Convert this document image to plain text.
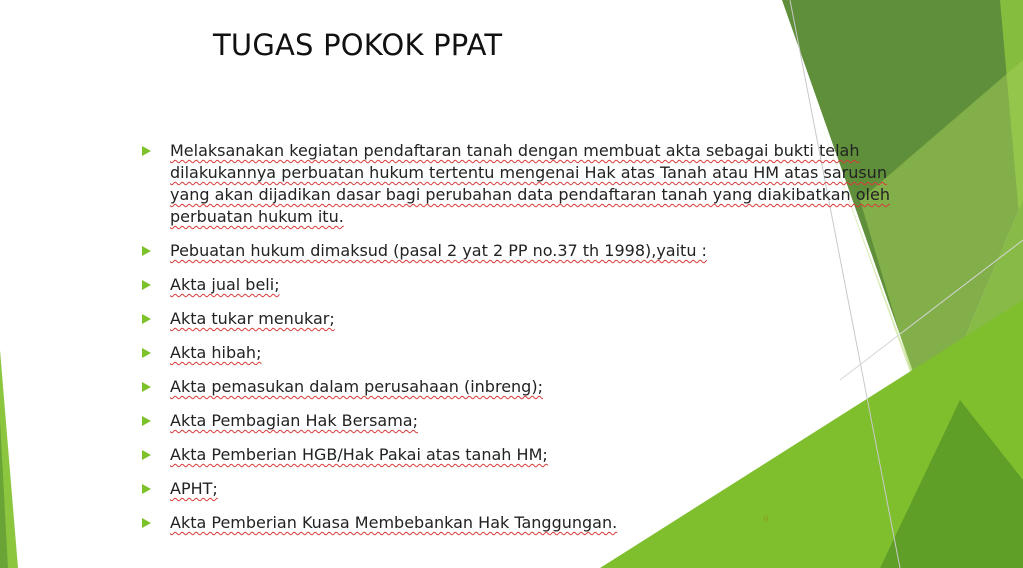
TUGAS POKOK PPAT
Melaksanakan kegiatan pendaftaran tanah dengan membuat akta sebagai bukti telah dilakukannya perbuatan hukum tertentu mengenai Hak atas Tanah atau HM atas sarusun yang akan dijadikan dasar bagi perubahan data pendaftaran tanah yang diakibatkan oleh perbuatan hukum itu.
Pebuatan hukum dimaksud (pasal 2 yat 2 PP no.37 th 1998),yaitu :
Akta jual beli;
Akta tukar menukar;
Akta hibah;
Akta pemasukan dalam perusahaan (inbreng);
Akta Pembagian Hak Bersama;
Akta Pemberian HGB/Hak Pakai atas tanah HM;
APHT;
Akta Pemberian Kuasa Membebankan Hak Tanggungan.	9
